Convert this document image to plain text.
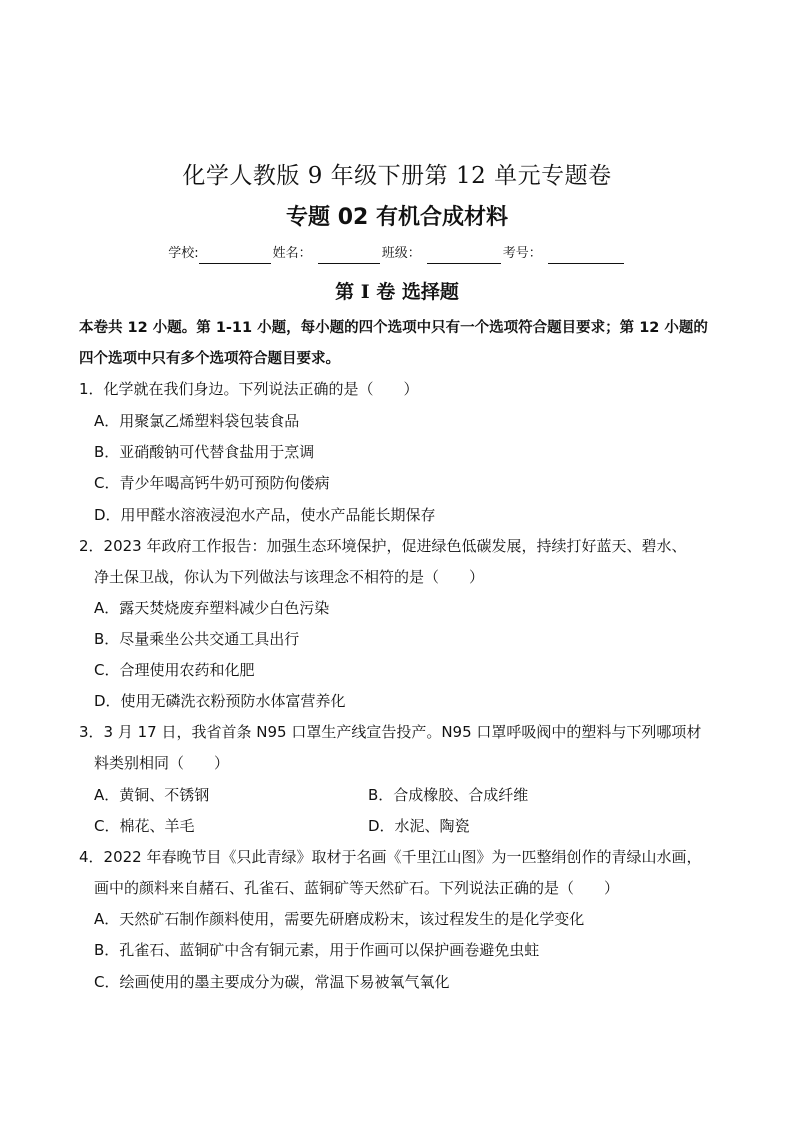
化学人教版 9 年级下册第 12 单元专题卷
专题 02 有机合成材料
学校:	姓名：	班级：	考号：
第 I 卷 选择题
本卷共 12 小题。第 1-11 小题，每小题的四个选项中只有一个选项符合题目要求；第 12 小题的四个选项中只有多个选项符合题目要求。
1．化学就在我们身边。下列说法正确的是（　　）
A．用聚氯乙烯塑料袋包装食品
B．亚硝酸钠可代替食盐用于烹调
C．青少年喝高钙牛奶可预防佝偻病
D．用甲醛水溶液浸泡水产品，使水产品能长期保存
2．2023 年政府工作报告：加强生态环境保护，促进绿色低碳发展，持续打好蓝天、碧水、
净土保卫战，你认为下列做法与该理念不相符的是（　　）
A．露天焚烧废弃塑料减少白色污染
B．尽量乘坐公共交通工具出行
C．合理使用农药和化肥
D．使用无磷洗衣粉预防水体富营养化
3．3 月 17 日，我省首条 N95 口罩生产线宣告投产。N95 口罩呼吸阀中的塑料与下列哪项材
料类别相同（　　）
A．黄铜、不锈钢	B．合成橡胶、合成纤维
C．棉花、羊毛	D．水泥、陶瓷
4．2022 年春晚节目《只此青绿》取材于名画《千里江山图》为一匹整绢创作的青绿山水画，
画中的颜料来自赭石、孔雀石、蓝铜矿等天然矿石。下列说法正确的是（　　）
A．天然矿石制作颜料使用，需要先研磨成粉末，该过程发生的是化学变化
B．孔雀石、蓝铜矿中含有铜元素，用于作画可以保护画卷避免虫蛀
C．绘画使用的墨主要成分为碳，常温下易被氧气氧化
